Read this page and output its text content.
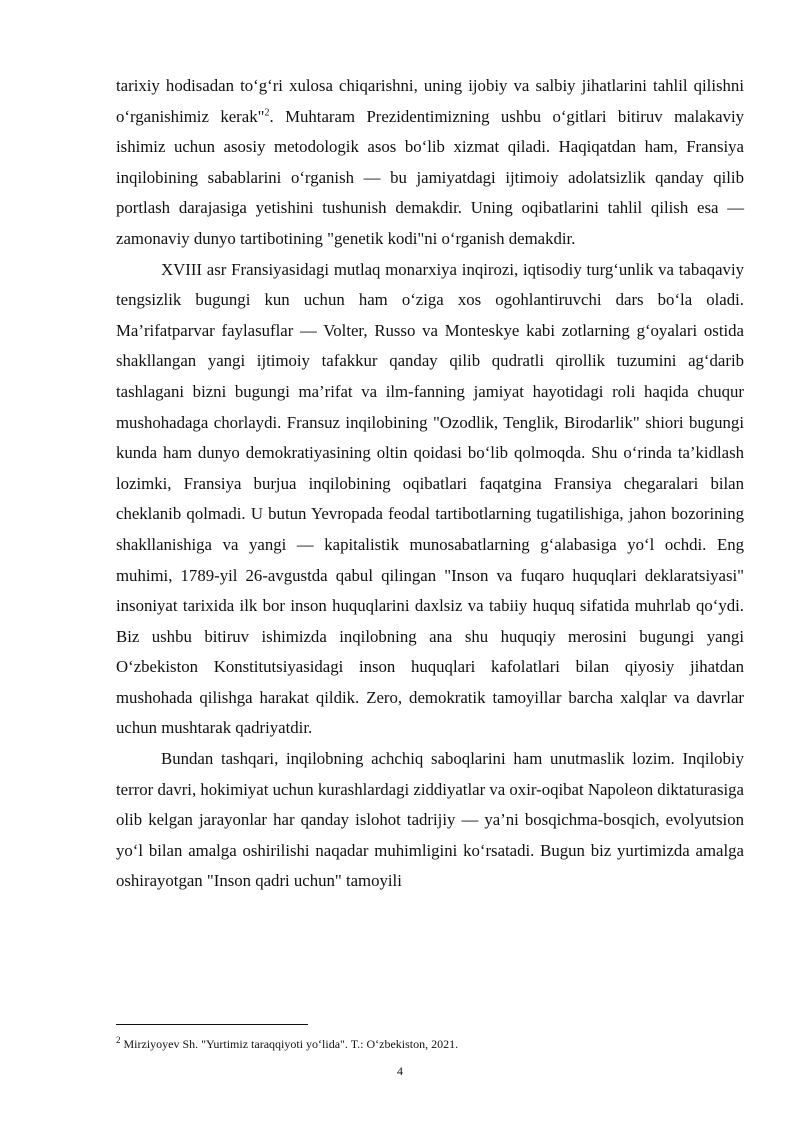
tarixiy hodisadan to‘g‘ri xulosa chiqarishni, uning ijobiy va salbiy jihatlarini tahlil qilishni o‘rganishimiz kerak"$^2$. Muhtaram Prezidentimizning ushbu o‘gitlari bitiruv malakaviy ishimiz uchun asosiy metodologik asos bo‘lib xizmat qiladi. Haqiqatdan ham, Fransiya inqilobining sabablarini o‘rganish — bu jamiyatdagi ijtimoiy adolatsizlik qanday qilib portlash darajasiga yetishini tushunish demakdir. Uning oqibatlarini tahlil qilish esa — zamonaviy dunyo tartibotining "genetik kodi"ni o‘rganish demakdir.

XVIII asr Fransiyasidagi mutlaq monarxiya inqirozi, iqtisodiy turg‘unlik va tabaqaviy tengsizlik bugungi kun uchun ham o‘ziga xos ogohlantiruvchi dars bo‘la oladi. Ma’rifatparvar faylasuflar — Volter, Russo va Monteskye kabi zotlarning g‘oyalari ostida shakllangan yangi ijtimoiy tafakkur qanday qilib qudratli qirollik tuzumini ag‘darib tashlagani bizni bugungi ma’rifat va ilm-fanning jamiyat hayotidagi roli haqida chuqur mushohadaga chorlaydi. Fransuz inqilobining "Ozodlik, Tenglik, Birodarlik" shiori bugungi kunda ham dunyo demokratiyasining oltin qoidasi bo‘lib qolmoqda. Shu o‘rinda ta’kidlash lozimki, Fransiya burjua inqilobining oqibatlari faqatgina Fransiya chegaralari bilan cheklanib qolmadi. U butun Yevropada feodal tartibotlarning tugatilishiga, jahon bozorining shakllanishiga va yangi — kapitalistik munosabatlarning g‘alabasiga yo‘l ochdi. Eng muhimi, 1789-yil 26-avgustda qabul qilingan "Inson va fuqaro huquqlari deklaratsiyasi" insoniyat tarixida ilk bor inson huquqlarini daxlsiz va tabiiy huquq sifatida muhrlab qo‘ydi. Biz ushbu bitiruv ishimizda inqilobning ana shu huquqiy merosini bugungi yangi O‘zbekiston Konstitutsiyasidagi inson huquqlari kafolatlari bilan qiyosiy jihatdan mushohada qilishga harakat qildik. Zero, demokratik tamoyillar barcha xalqlar va davrlar uchun mushtarak qadriyatdir.

Bundan tashqari, inqilobning achchiq saboqlarini ham unutmaslik lozim. Inqilobiy terror davri, hokimiyat uchun kurashlardagi ziddiyatlar va oxir-oqibat Napoleon diktaturasiga olib kelgan jarayonlar har qanday islohot tadrijiy — ya’ni bosqichma-bosqich, evolyutsion yo‘l bilan amalga oshirilishi naqadar muhimligini ko‘rsatadi. Bugun biz yurtimizda amalga oshirayotgan "Inson qadri uchun" tamoyili

$^2$ Mirziyoyev Sh. "Yurtimiz taraqqiyoti yo‘lida". T.: O‘zbekiston, 2021.
4
